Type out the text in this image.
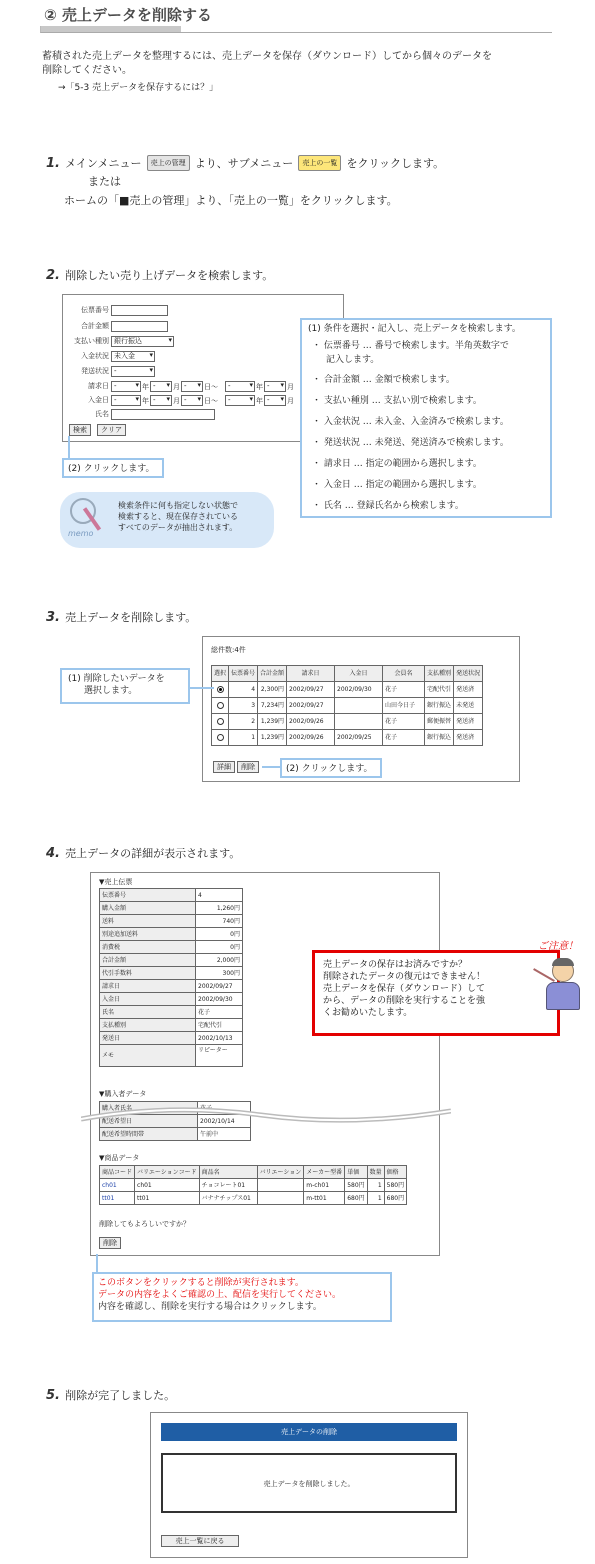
② 売上データを削除する
蓄積された売上データを整理するには、売上データを保存（ダウンロード）してから個々のデータを
削除してください。
→「5-3 売上データを保存するには？」
1. メインメニュー 売上の管理 より、サブメニュー 売上の一覧 をクリックします。
または
ホームの「■売上の管理」より、「売上の一覧」をクリックします。
2. 削除したい売り上げデータを検索します。
伝票番号
合計金額
支払い種別 銀行振込 ▾
入金状況 未入金 ▾
発送状況 - ▾
請求日 - ▾	年 - ▾	月 - ▾	日～	- ▾	年 - ▾	月
入金日 - ▾	年 - ▾	月 - ▾	日～	- ▾	年 - ▾	月
氏名
検索	クリア
(2) クリックします。
(1) 条件を選択・記入し、売上データを検索します。
・ 伝票番号 … 番号で検索します。半角英数字で
記入します。
・ 合計金額 … 金額で検索します。
・ 支払い種別 … 支払い別で検索します。
・ 入金状況 … 未入金、入金済みで検索します。
・ 発送状況 … 未発送、発送済みで検索します。
・ 請求日 … 指定の範囲から選択します。
・ 入金日 … 指定の範囲から選択します。
・ 氏名 … 登録氏名から検索します。
memo
検索条件に何も指定しない状態で
検索すると、現在保存されている
すべてのデータが抽出されます。
3. 売上データを削除します。
総件数:4件
選択	伝票番号	合計金額	請求日	入金日	会員名	支払種別	発送状況
	4	2,300円	2002/09/27	2002/09/30	花子	宅配代引	発送済
	3	7,234円	2002/09/27		山田今日子	銀行振込	未発送
	2	1,239円	2002/09/26		花子	郵便振替	発送済
	1	1,239円	2002/09/26	2002/09/25	花子	銀行振込	発送済
詳細	削除
(1) 削除したいデータを
選択します。
(2) クリックします。
4. 売上データの詳細が表示されます。
▼売上伝票
伝票番号	4
購入金額	1,260円
送料	740円
別途追加送料	0円
消費税	0円
合計金額	2,000円
代引手数料	300円
請求日	2002/09/27
入金日	2002/09/30
氏名	花子
支払種別	宅配代引
発送日	2002/10/13
メモ	リピーター
▼購入者データ
購入者氏名	花子
配送希望日	2002/10/14
配送希望時間帯	午前中
▼商品データ
商品コード	バリエーションコード	商品名	バリエーション	メーカー型番	単価	数量	価格
ch01	ch01	チョコレート01		m-ch01	580円	1	580円
tt01	tt01	バナナチップス01		m-tt01	680円	1	680円
削除してもよろしいですか？
削除
売上データの保存はお済みですか？
削除されたデータの復元はできません！
売上データを保存（ダウンロード）して
から、データの削除を実行することを強
くお勧めいたします。
ご注意！
このボタンをクリックすると削除が実行されます。
データの内容をよくご確認の上、配信を実行してください。
内容を確認し、削除を実行する場合はクリックします。
5. 削除が完了しました。
売上データの削除
売上データを削除しました。
売上一覧に戻る
